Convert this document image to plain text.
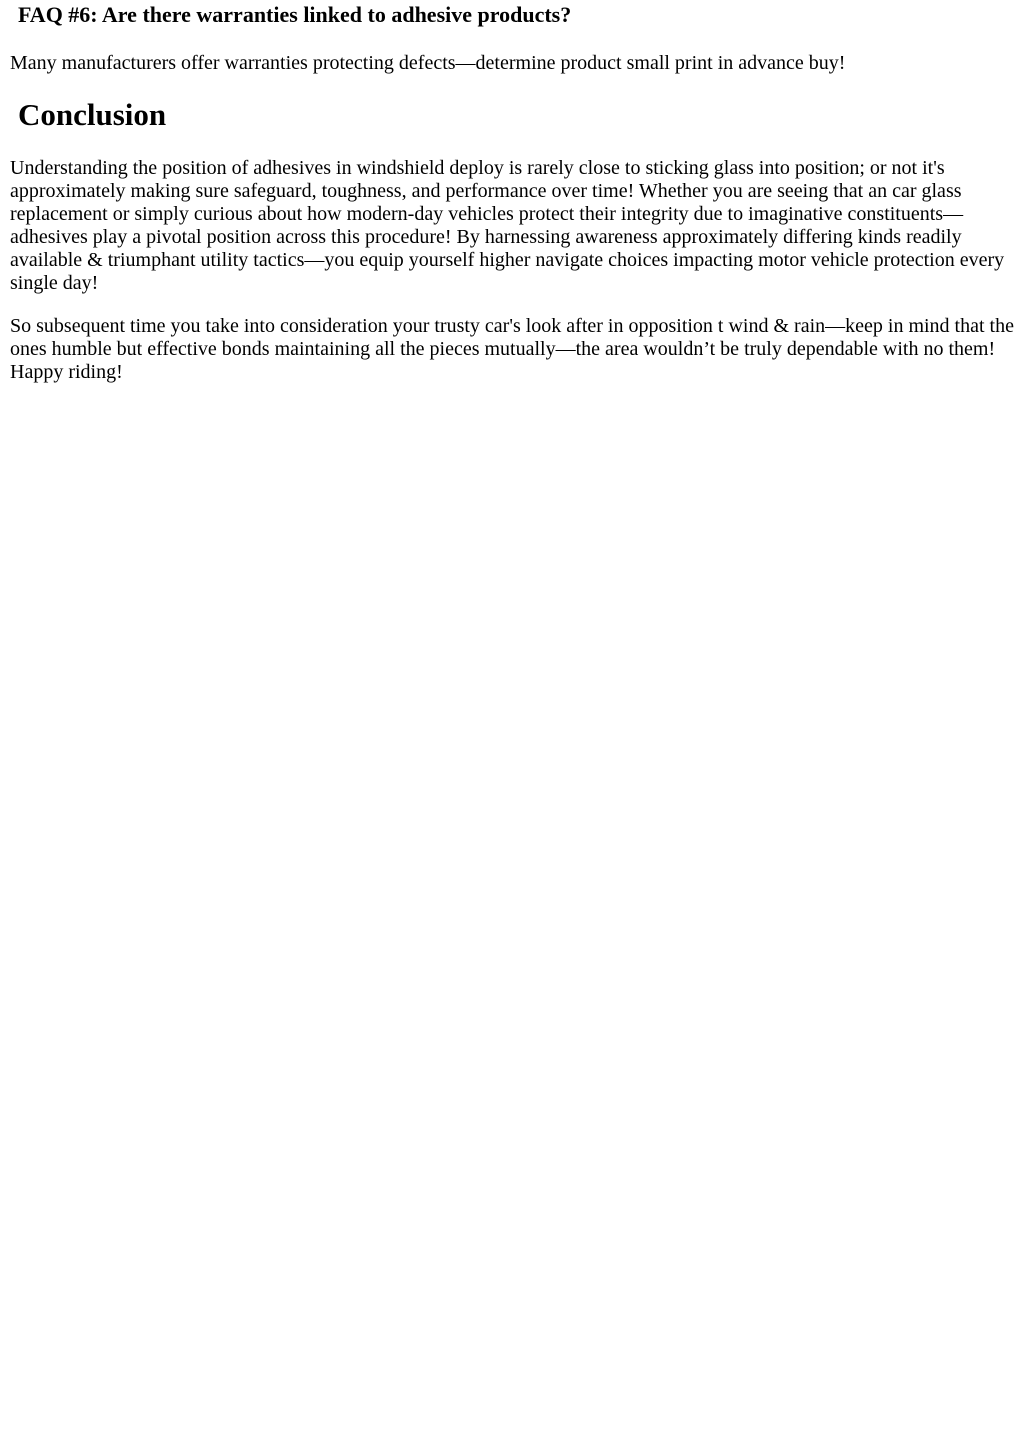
FAQ #6: Are there warranties linked to adhesive products?

Many manufacturers offer warranties protecting defects—determine product small print in advance buy!

Conclusion

Understanding the position of adhesives in windshield deploy is rarely close to sticking glass into position; or not it's approximately making sure safeguard, toughness, and performance over time! Whether you are seeing that an car glass replacement or simply curious about how modern-day vehicles protect their integrity due to imaginative constituents—adhesives play a pivotal position across this procedure! By harnessing awareness approximately differing kinds readily available & triumphant utility tactics—you equip yourself higher navigate choices impacting motor vehicle protection every single day!

So subsequent time you take into consideration your trusty car's look after in opposition t wind & rain—keep in mind that the ones humble but effective bonds maintaining all the pieces mutually—the area wouldn’t be truly dependable with no them! Happy riding!
